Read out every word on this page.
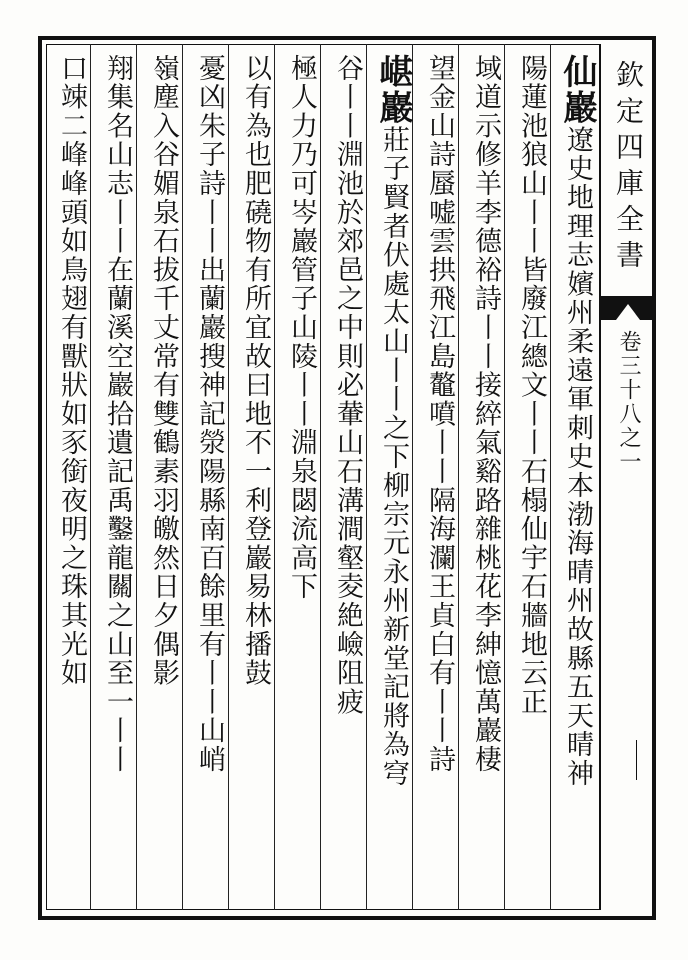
欽定四庫全書
卷三十八之一
仙巖遼史地理志嬪州柔遠軍刺史本渤海晴州故縣五天晴神
陽蓮池狼山丨丨皆廢江總文丨丨石榻仙宇石牆地云正
域道示修羊李德裕詩丨丨接綷氣谿路雜桃花李紳憶萬巖棲
望金山詩蜃嘘雲拱飛江島鼇噴丨丨隔海瀾王貞白有丨丨詩
嵁巖莊子賢者伏處太山丨丨之下柳宗元永州新堂記將為穹
谷丨丨淵池於郊邑之中則必輂山石溝澗壑夌絶嶮阻疲
極人力乃可岑巖管子山陵丨丨淵泉閟流高下
以有為也肥磽物有所宜故曰地不一利登巖易林播鼓
憂凶朱子詩丨丨出蘭巖搜神記滎陽縣南百餘里有丨丨山峭
嶺塵入谷媚泉石拔千丈常有雙鶴素羽皦然日夕偶影
翔集名山志丨丨在蘭溪空巖拾遺記禹鑿龍關之山至一丨丨
口竦二峰峰頭如鳥翅有獸狀如豕銜夜明之珠其光如
